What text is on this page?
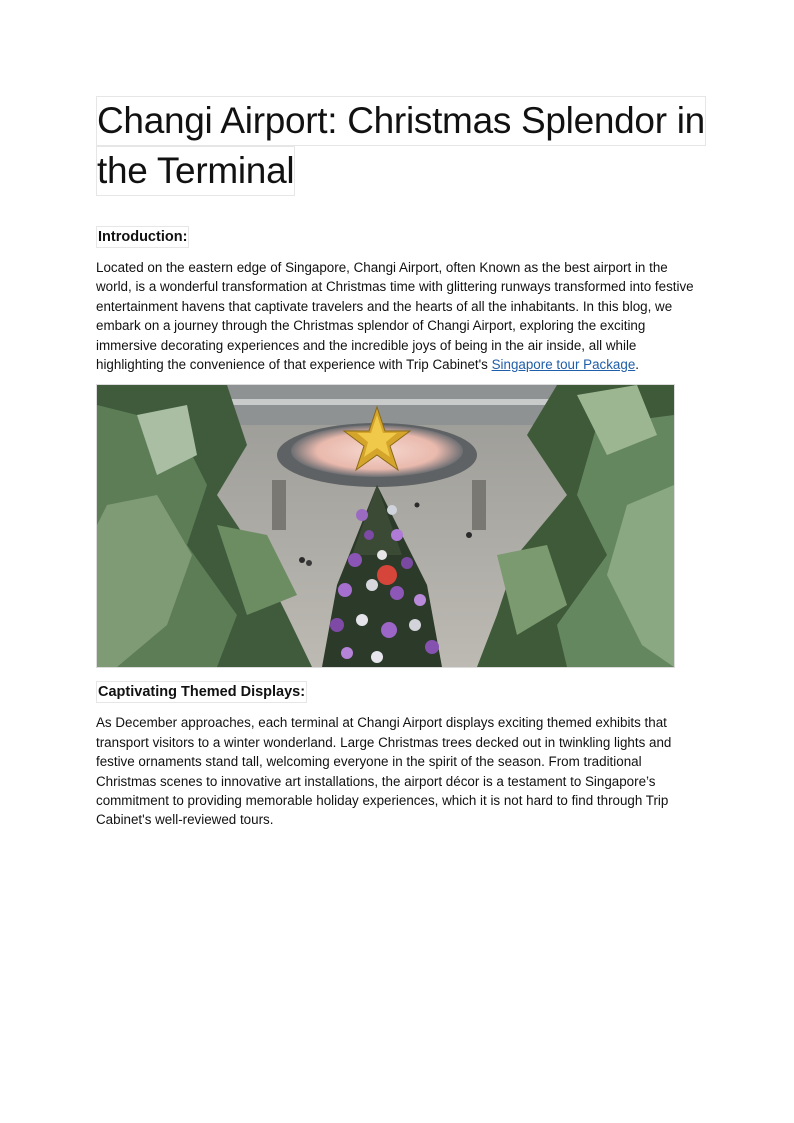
Changi Airport: Christmas Splendor in
the Terminal
Introduction:

Located on the eastern edge of Singapore, Changi Airport, often Known as the best airport in the world, is a wonderful transformation at Christmas time with glittering runways transformed into festive entertainment havens that captivate travelers and the hearts of all the inhabitants. In this blog, we embark on a journey through the Christmas splendor of Changi Airport, exploring the exciting immersive decorating experiences and the incredible joys of being in the air inside, all while highlighting the convenience of that experience with Trip Cabinet's Singapore tour Package.

Captivating Themed Displays:

As December approaches, each terminal at Changi Airport displays exciting themed exhibits that transport visitors to a winter wonderland. Large Christmas trees decked out in twinkling lights and festive ornaments stand tall, welcoming everyone in the spirit of the season. From traditional Christmas scenes to innovative art installations, the airport décor is a testament to Singapore’s commitment to providing memorable holiday experiences, which it is not hard to find through Trip Cabinet's well-reviewed tours.
